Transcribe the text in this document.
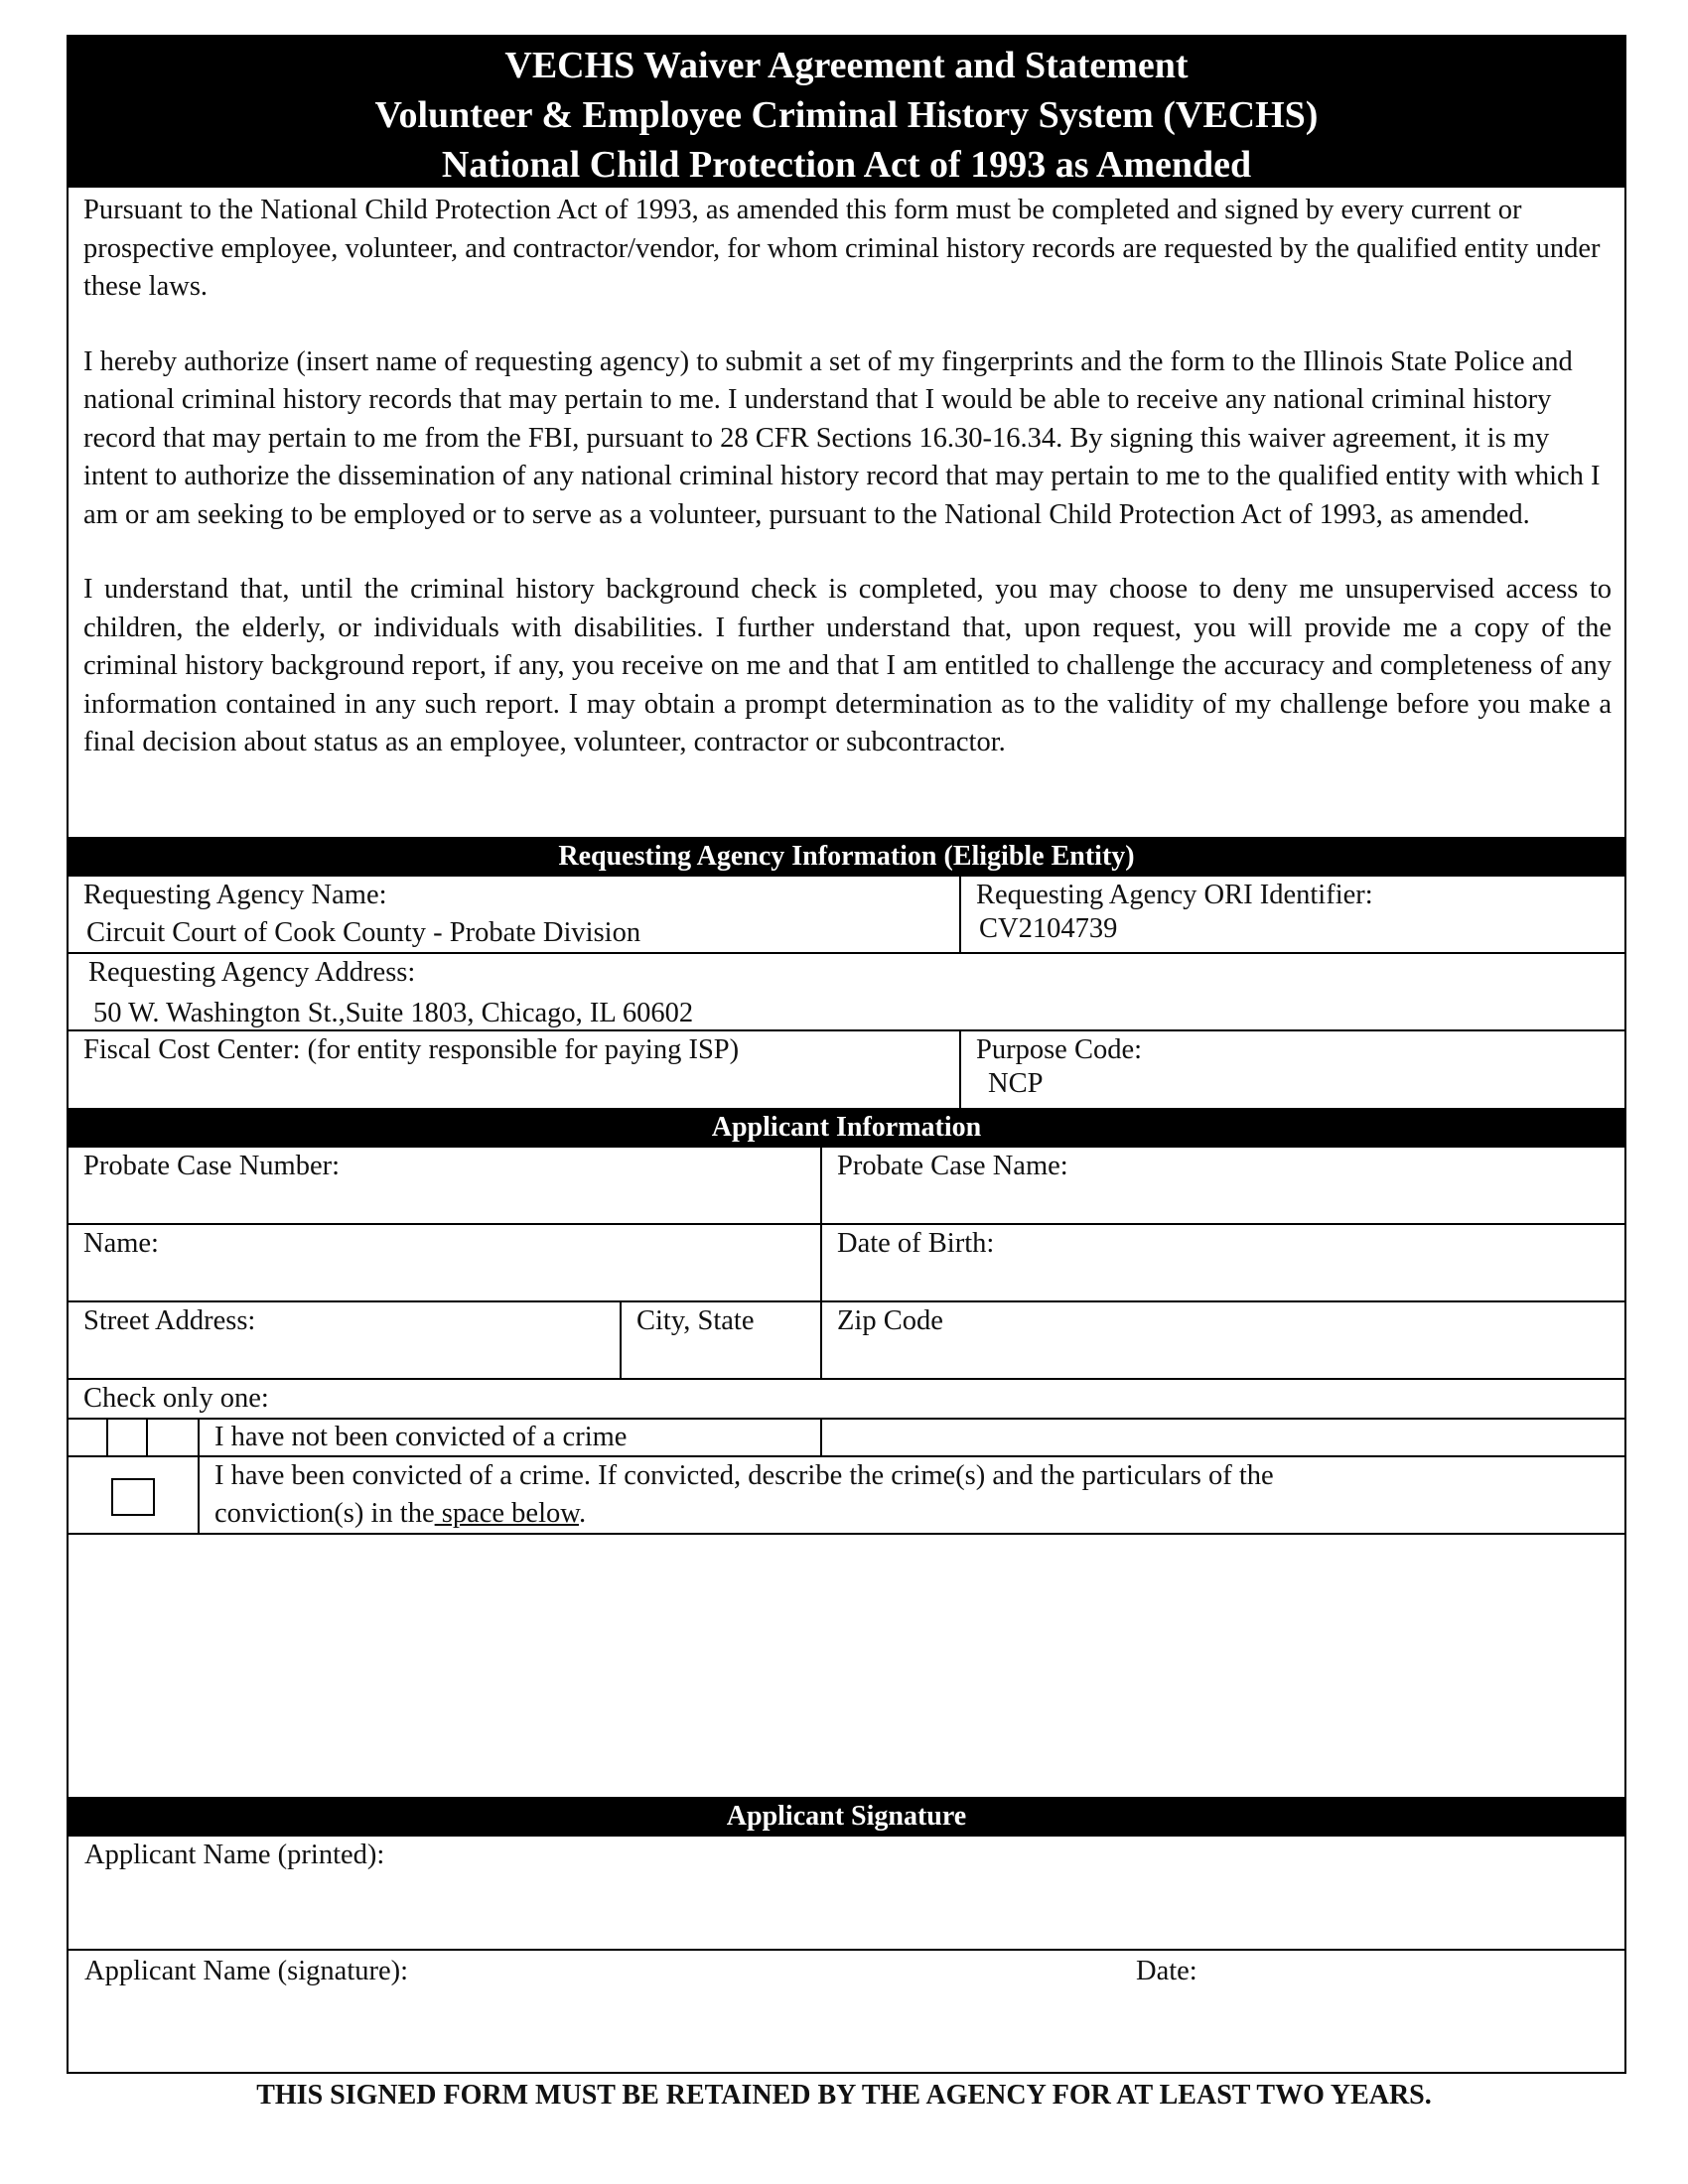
VECHS Waiver Agreement and Statement
Volunteer & Employee Criminal History System (VECHS)
National Child Protection Act of 1993 as Amended

Pursuant to the National Child Protection Act of 1993, as amended this form must be completed and signed by every current or prospective employee, volunteer, and contractor/vendor, for whom criminal history records are requested by the qualified entity under these laws.

I hereby authorize (insert name of requesting agency) to submit a set of my fingerprints and the form to the Illinois State Police and national criminal history records that may pertain to me. I understand that I would be able to receive any national criminal history record that may pertain to me from the FBI, pursuant to 28 CFR Sections 16.30-16.34. By signing this waiver agreement, it is my intent to authorize the dissemination of any national criminal history record that may pertain to me to the qualified entity with which I am or am seeking to be employed or to serve as a volunteer, pursuant to the National Child Protection Act of 1993, as amended.

I understand that, until the criminal history background check is completed, you may choose to deny me unsupervised access to children, the elderly, or individuals with disabilities. I further understand that, upon request, you will provide me a copy of the criminal history background report, if any, you receive on me and that I am entitled to challenge the accuracy and completeness of any information contained in any such report. I may obtain a prompt determination as to the validity of my challenge before you make a final decision about status as an employee, volunteer, contractor or subcontractor.

Requesting Agency Information (Eligible Entity)
Requesting Agency Name:
Circuit Court of Cook County - Probate Division
Requesting Agency ORI Identifier:
CV2104739
Requesting Agency Address:
50 W. Washington St.,Suite 1803, Chicago, IL 60602
Fiscal Cost Center: (for entity responsible for paying ISP)	Purpose Code:
NCP
Applicant Information
Probate Case Number:	Probate Case Name:
Name:	Date of Birth:
Street Address:	City, State	Zip Code
Check only one:
I have not been convicted of a crime
I have been convicted of a crime. If convicted, describe the crime(s) and the particulars of the
conviction(s) in the space below.
Applicant Signature
Applicant Name (printed):
Applicant Name (signature):	Date:
THIS SIGNED FORM MUST BE RETAINED BY THE AGENCY FOR AT LEAST TWO YEARS.
